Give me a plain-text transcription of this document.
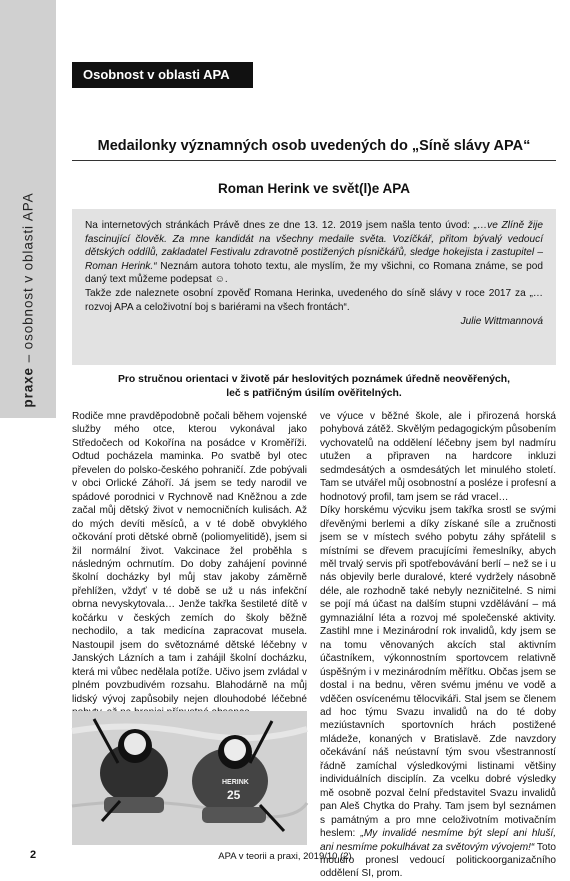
praxe – osobnost v oblasti APA
Osobnost v oblasti APA
Medailonky významných osob uvedených do „Síně slávy APA“
Roman Herink ve svět(l)e APA

Na internetových stránkách Právě dnes ze dne 13. 12. 2019 jsem našla tento úvod: „…ve Zlíně žije fascinující člověk. Za mne kandidát na všechny medaile světa. Vozíčkář, přitom bývalý vedoucí dětských oddílů, zakladatel Festivalu zdravotně postižených písničkářů, sledge hokejista i zastupitel – Roman Herink.“ Neznám autora tohoto textu, ale myslím, že my všichni, co Romana známe, se pod daný text můžeme podepsat ☺.

Takže zde naleznete osobní zpověď Romana Herinka, uvedeného do síně slávy v roce 2017 za „…rozvoj APA a celoživotní boj s bariérami na všech frontách“.

Julie Wittmannová

Pro stručnou orientaci v životě pár heslovitých poznámek úředně neověřených,
leč s patřičným úsilím ověřitelných.

Rodiče mne pravděpodobně počali během vojenské služby mého otce, kterou vykonával jako Středočech od Kokořína na posádce v Kroměříži. Odtud pocházela maminka. Po svatbě byl otec převelen do polsko-českého pohraničí. Zde pobývali v obci Orlické Záhoří. Já jsem se tedy narodil ve spádové porodnici v Rychnově nad Kněžnou a zde začal můj dětský život v nemocničních kulisách. Až do mých devíti měsíců, a v té době obvyklého očkování proti dětské obrně (poliomyelitidě), jsem si žil normální život. Vakcinace žel proběhla s následným ochrnutím. Do doby zahájení povinné školní docházky byl můj stav jakoby záměrně přehlížen, vždyť v té době se už u nás infekční obrna nevyskytovala… Jenže takřka šestileté dítě v kočárku v českých zemích do školy běžně nechodilo, a tak medicína zapracovat musela. Nastoupil jsem do světoznámé dětské léčebny v Janských Lázních a tam i zahájil školní docházku, která mi vůbec nedělala potíže. Učivo jsem zvládal v plném povzbudivém rozsahu. Blahodárně na můj lidský vývoj zapůsobily nejen dlouhodobé léčebné

HERINK
25

ve výuce v běžné škole, ale i přirozená horská pohybová zátěž. Skvělým pedagogickým působením vychovatelů na oddělení léčebny jsem byl nadmíru utužen a připraven na hardcore inkluzi sedmdesátých a osmdesátých let minulého století. Tam se utvářel můj osobnostní a posléze i profesní a hodnotový profil, tam jsem se rád vracel…

Díky horskému výcviku jsem takřka srostl se svými dřevěnými berlemi a díky získané síle a zručnosti jsem se v místech svého pobytu záhy spřátelil s místními se dřevem pracujícími řemeslníky, abych měl trvalý servis při spotřebovávání berlí – než se i u nás objevily berle duralové, které vydržely násobně déle, ale rozhodně také nebyly nezničitelné. S nimi se pojí má účast na dalším stupni vzdělávání – má gymnaziální léta a rozvoj mé společenské aktivity. Zastihl mne i Mezinárodní rok invalidů, kdy jsem se na tomu věnovaných akcích stal aktivním účastníkem, výkonnostním sportovcem relativně úspěšným i v mezinárodním měřítku. Občas jsem se dostal i na bednu, věren svému jménu ve vodě a vděčen osvícenému tělocvikáři. Stal jsem se členem ad hoc týmu Svazu invalidů na do té doby meziústavních sportovních hrách postižené mládeže, konaných v Bratislavě. Zde navzdory očekávání náš neústavní tým svou všestranností řádně zamíchal výsledkovými listinami většiny individuálních disciplín. Za vcelku dobré výsledky mě osobně pozval čelní představitel Svazu invalidů pan Aleš Chytka do Prahy. Tam jsem byl seznámen s památným a pro mne celoživotním motivačním heslem: „My invalidé nesmíme být slepí ani hluší, ani nesmíme pokulhávat za světovým vývojem!“ Toto moudro pronesl vedoucí politickoorganizačního oddělení SI, prom.

2	APA v teorii a praxi, 2019/10 (2)
